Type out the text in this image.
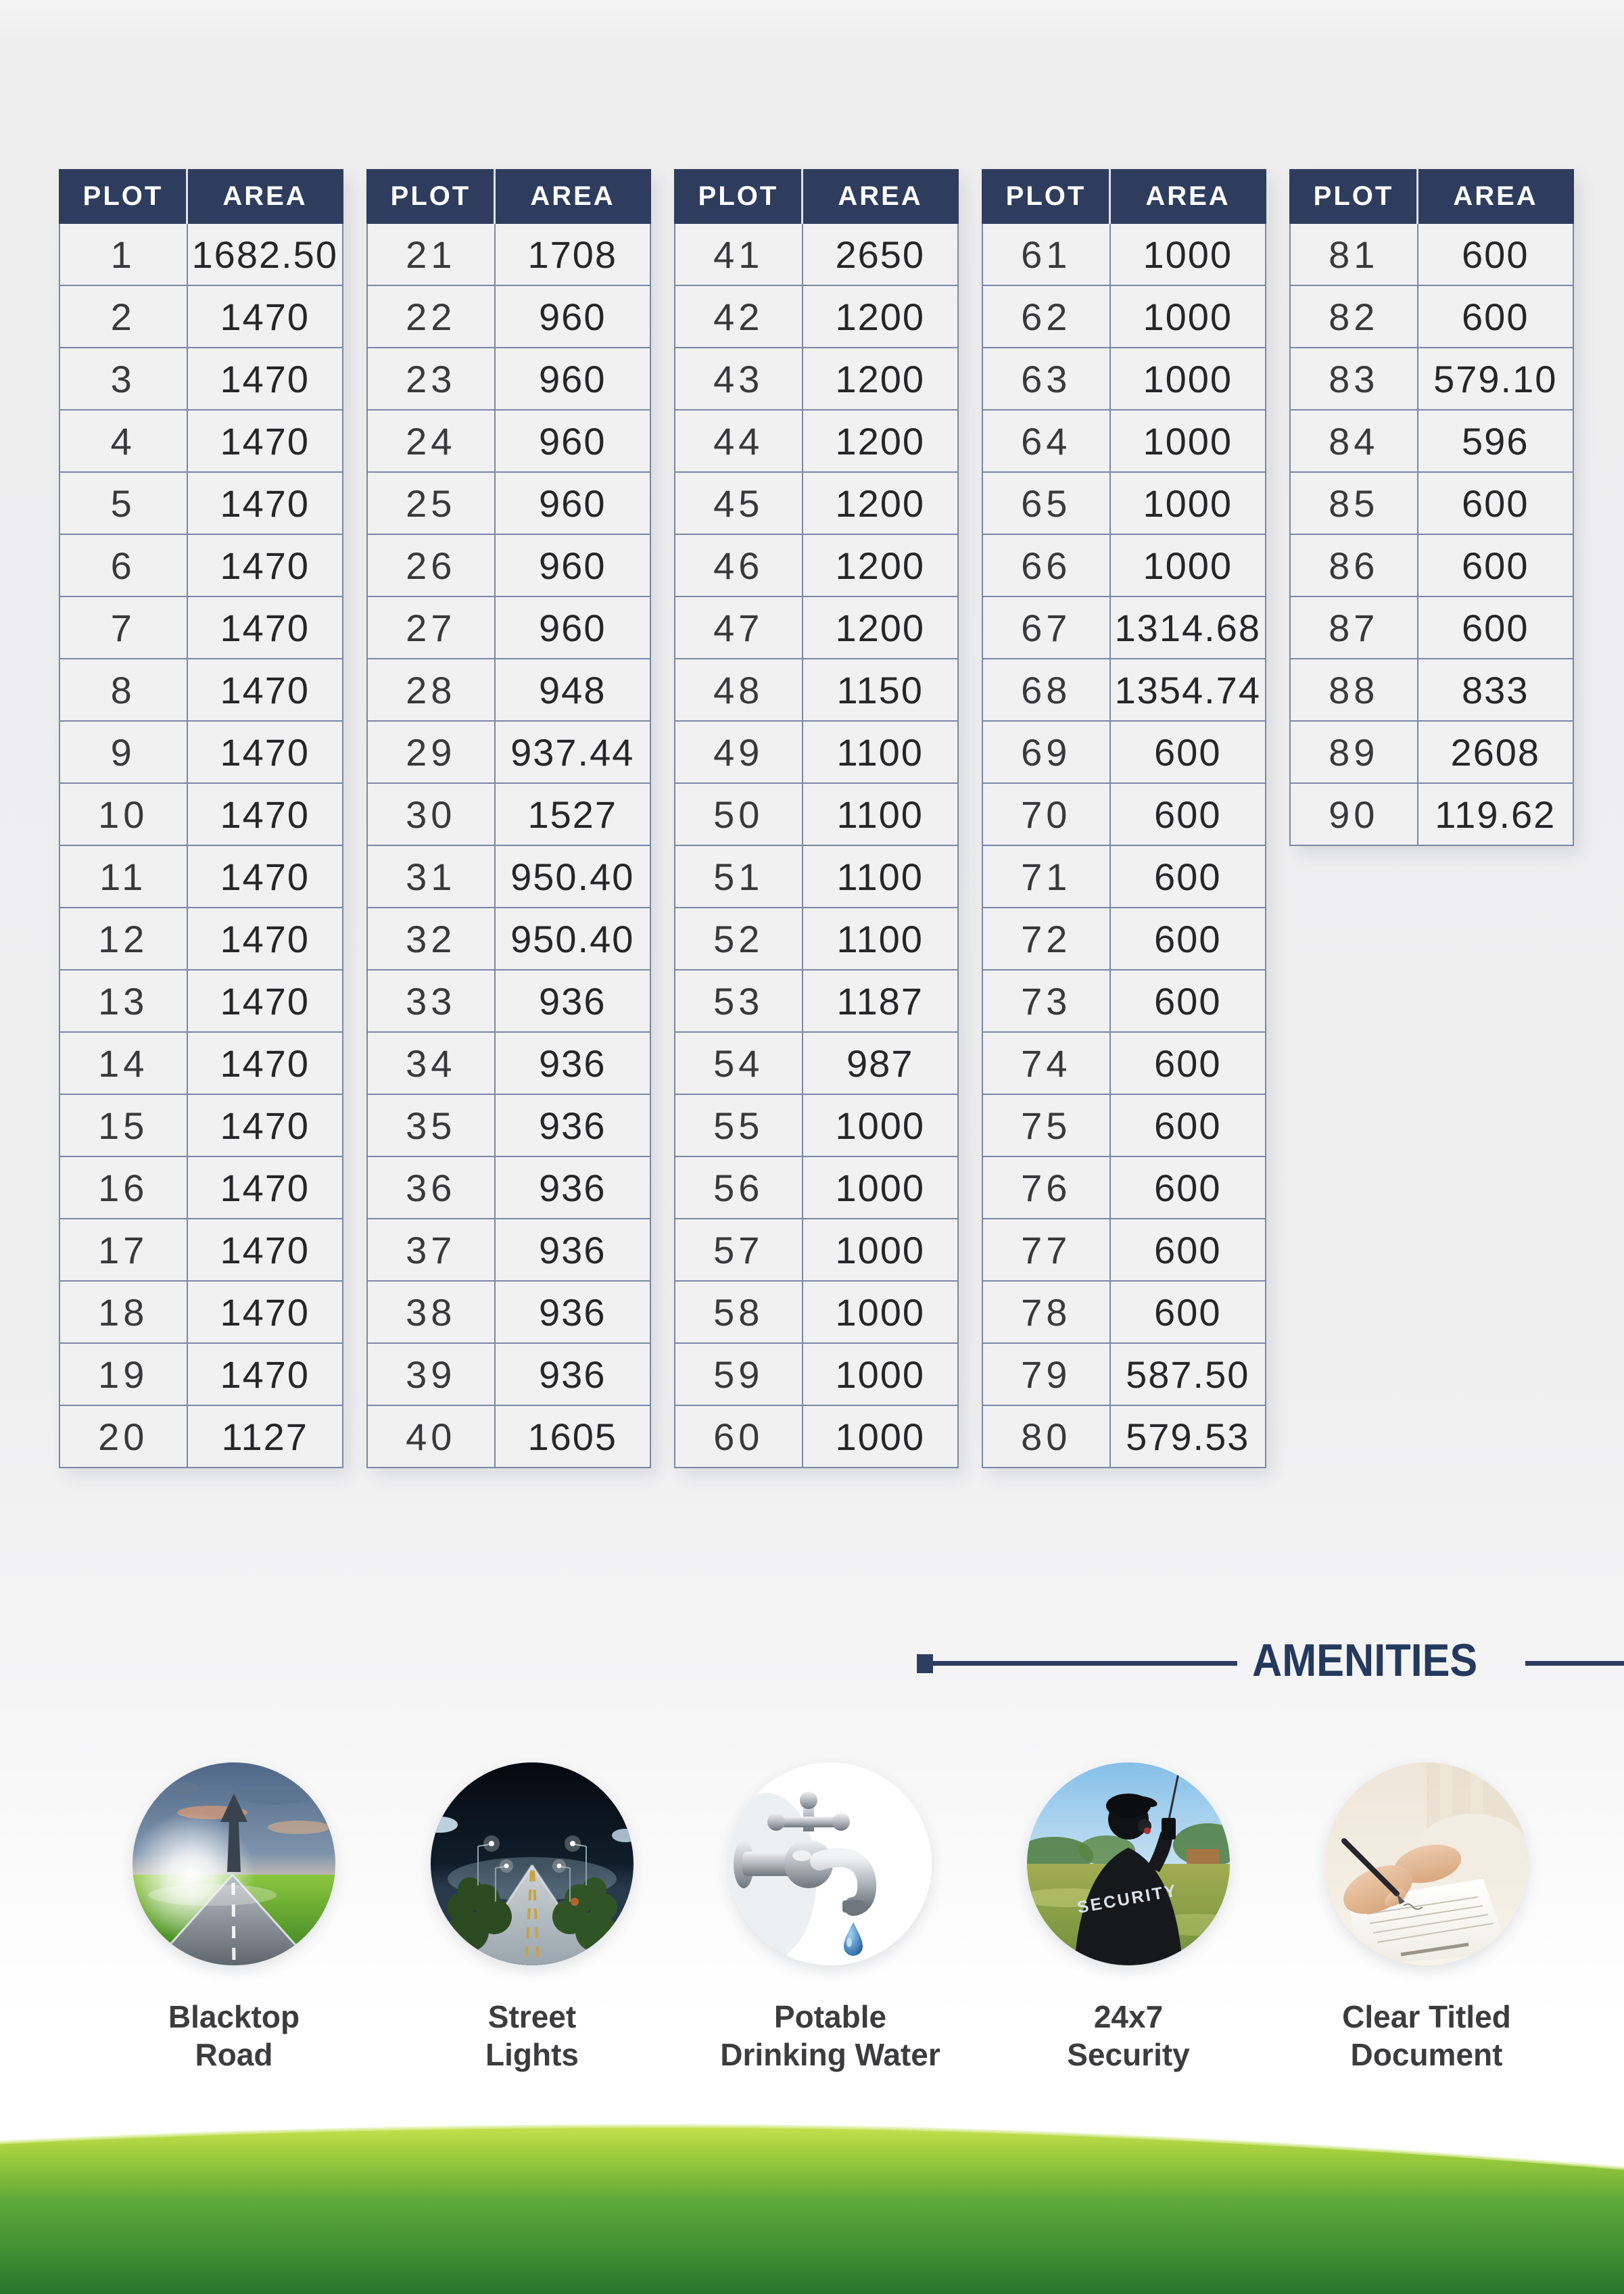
PLOT	AREA
1	1682.50
2	1470
3	1470
4	1470
5	1470
6	1470
7	1470
8	1470
9	1470
10	1470
11	1470
12	1470
13	1470
14	1470
15	1470
16	1470
17	1470
18	1470
19	1470
20	1127
PLOT	AREA
21	1708
22	960
23	960
24	960
25	960
26	960
27	960
28	948
29	937.44
30	1527
31	950.40
32	950.40
33	936
34	936
35	936
36	936
37	936
38	936
39	936
40	1605
PLOT	AREA
41	2650
42	1200
43	1200
44	1200
45	1200
46	1200
47	1200
48	1150
49	1100
50	1100
51	1100
52	1100
53	1187
54	987
55	1000
56	1000
57	1000
58	1000
59	1000
60	1000
PLOT	AREA
61	1000
62	1000
63	1000
64	1000
65	1000
66	1000
67	1314.68
68	1354.74
69	600
70	600
71	600
72	600
73	600
74	600
75	600
76	600
77	600
78	600
79	587.50
80	579.53
PLOT	AREA
81	600
82	600
83	579.10
84	596
85	600
86	600
87	600
88	833
89	2608
90	119.62
AMENITIES
Blacktop
Road
Street
Lights
Potable
Drinking Water
SECURITY
24x7
Security
Clear Titled
Document
